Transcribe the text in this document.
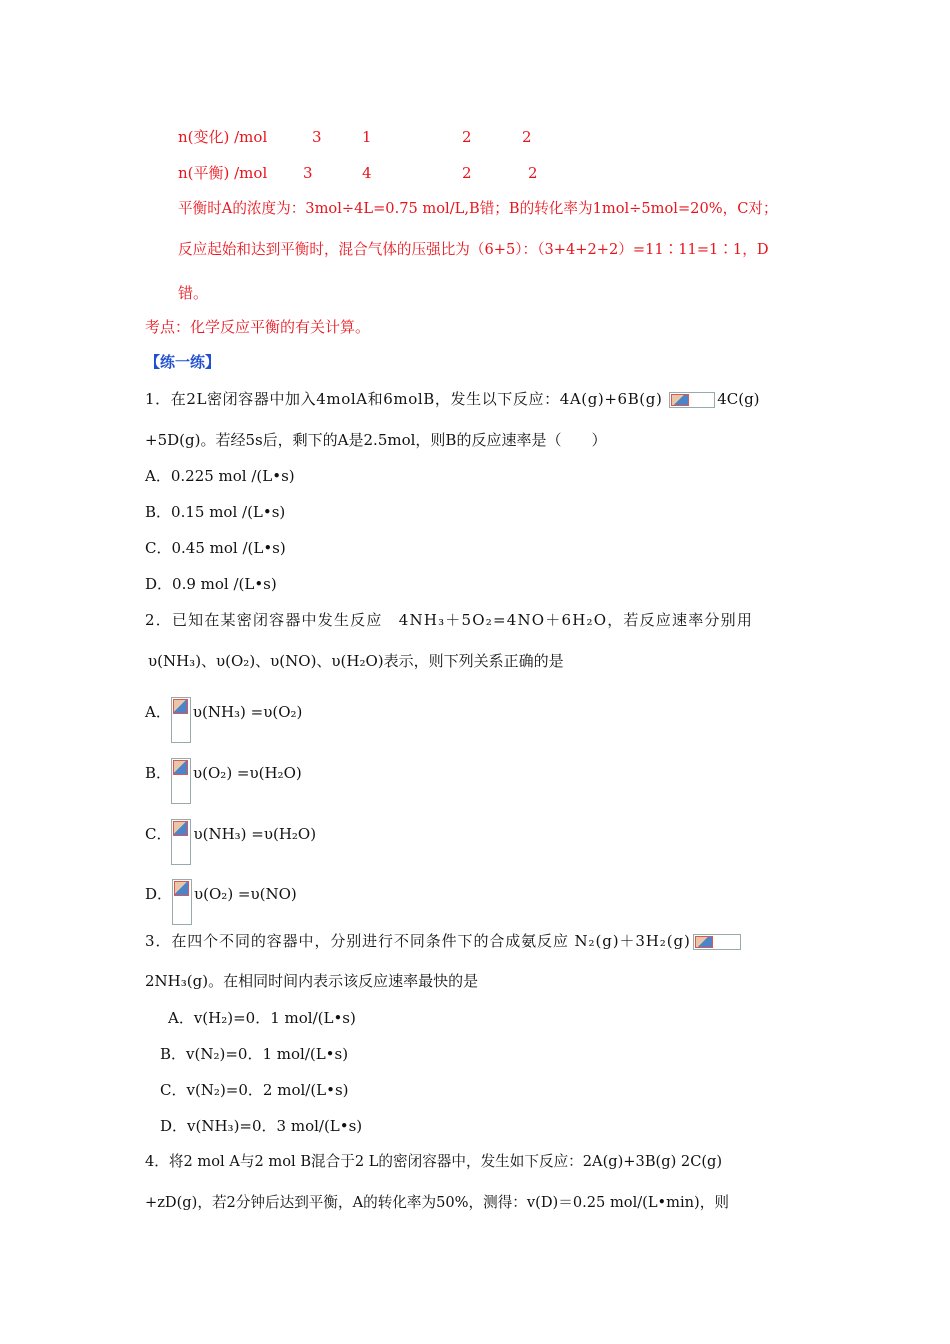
n(变化) /mol	3	1	2	2
n(平衡) /mol 3	4	2	2
平衡时A的浓度为：3mol÷4L=0.75 mol/L,B错；B的转化率为1mol÷5mol=20%，C对；
反应起始和达到平衡时，混合气体的压强比为（6+5）：（3+4+2+2）=11∶11=1∶1，D
错。
考点：化学反应平衡的有关计算。
【练一练】
1．在2L密闭容器中加入4molA和6molB，发生以下反应：4A(g)+6B(g)	4C(g)
+5D(g)。若经5s后，剩下的A是2.5mol，则B的反应速率是（　　）
A．0.225 mol /(L•s)
B．0.15 mol /(L•s)
C．0.45 mol /(L•s)
D．0.9 mol /(L•s)
2．已知在某密闭容器中发生反应　4NH₃＋5O₂=4NO＋6H₂O，若反应速率分别用
υ(NH₃)、υ(O₂)、υ(NO)、υ(H₂O)表示，则下列关系正确的是
A． υ(NH₃) =υ(O₂)
B． υ(O₂) =υ(H₂O)
C． υ(NH₃) =υ(H₂O)
D． υ(O₂) =υ(NO)
3．在四个不同的容器中，分别进行不同条件下的合成氨反应 N₂(g)＋3H₂(g)
2NH₃(g)。在相同时间内表示该反应速率最快的是
A．v(H₂)=0．1 mol/(L•s)
B．v(N₂)=0．1 mol/(L•s)
C．v(N₂)=0．2 mol/(L•s)
D．v(NH₃)=0．3 mol/(L•s)
4．将2 mol A与2 mol B混合于2 L的密闭容器中，发生如下反应：2A(g)+3B(g) 2C(g)
+zD(g)，若2分钟后达到平衡，A的转化率为50%，测得：v(D)＝0.25 mol/(L•min)，则
